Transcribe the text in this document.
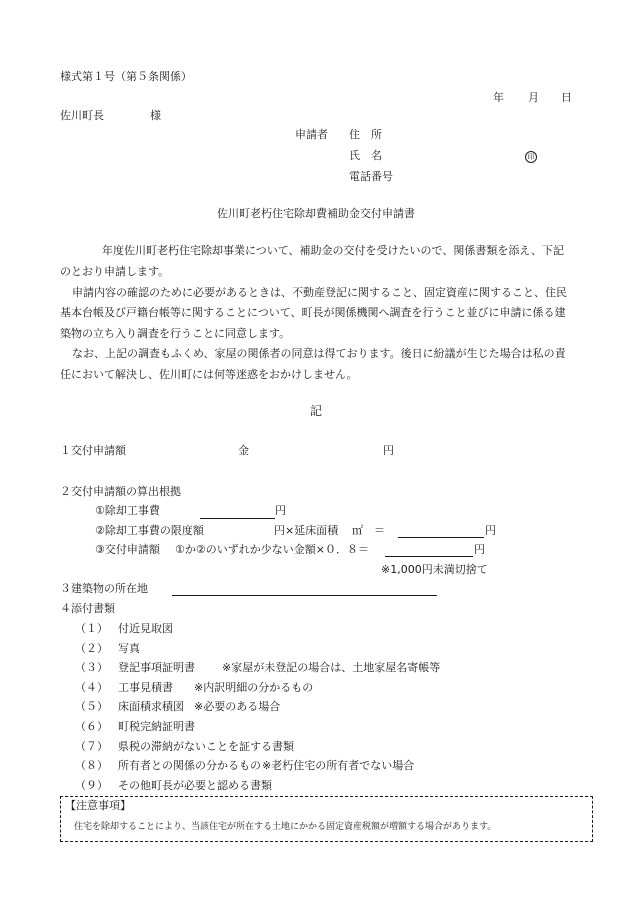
様式第１号（第５条関係）
年 月 日
佐川町長	様
申請者 住　所
氏　名	印
電話番号
佐川町老朽住宅除却費補助金交付申請書
年度佐川町老朽住宅除却事業について、補助金の交付を受けたいので、関係書類を添え、下記
のとおり申請します。
申請内容の確認のために必要があるときは、不動産登記に関すること、固定資産に関すること、住民
基本台帳及び戸籍台帳等に関することについて、町長が関係機関へ調査を行うこと並びに申請に係る建
築物の立ち入り調査を行うことに同意します。
なお、上記の調査もふくめ、家屋の関係者の同意は得ております。後日に紛議が生じた場合は私の責
任において解決し、佐川町には何等迷惑をおかけしません。
記
１交付申請額	金	円
２交付申請額の算出根拠
①除却工事費	円
②除却工事費の限度額	円×延床面積 ㎡ ＝	円
③交付申請額 ①か②のいずれか少ない金額×０．８＝	円
※1,000円未満切捨て
３建築物の所在地
４添付書類
（１） 付近見取図
（２） 写真
（３） 登記事項証明書 ※家屋が未登記の場合は、土地家屋名寄帳等
（４） 工事見積書 ※内訳明細の分かるもの
（５） 床面積求積図 ※必要のある場合
（６） 町税完納証明書
（７） 県税の滞納がないことを証する書類
（８） 所有者との関係の分かるもの ※老朽住宅の所有者でない場合
（９） その他町長が必要と認める書類
【注意事項】
住宅を除却することにより、当該住宅が所在する土地にかかる固定資産税額が増額する場合があります。
